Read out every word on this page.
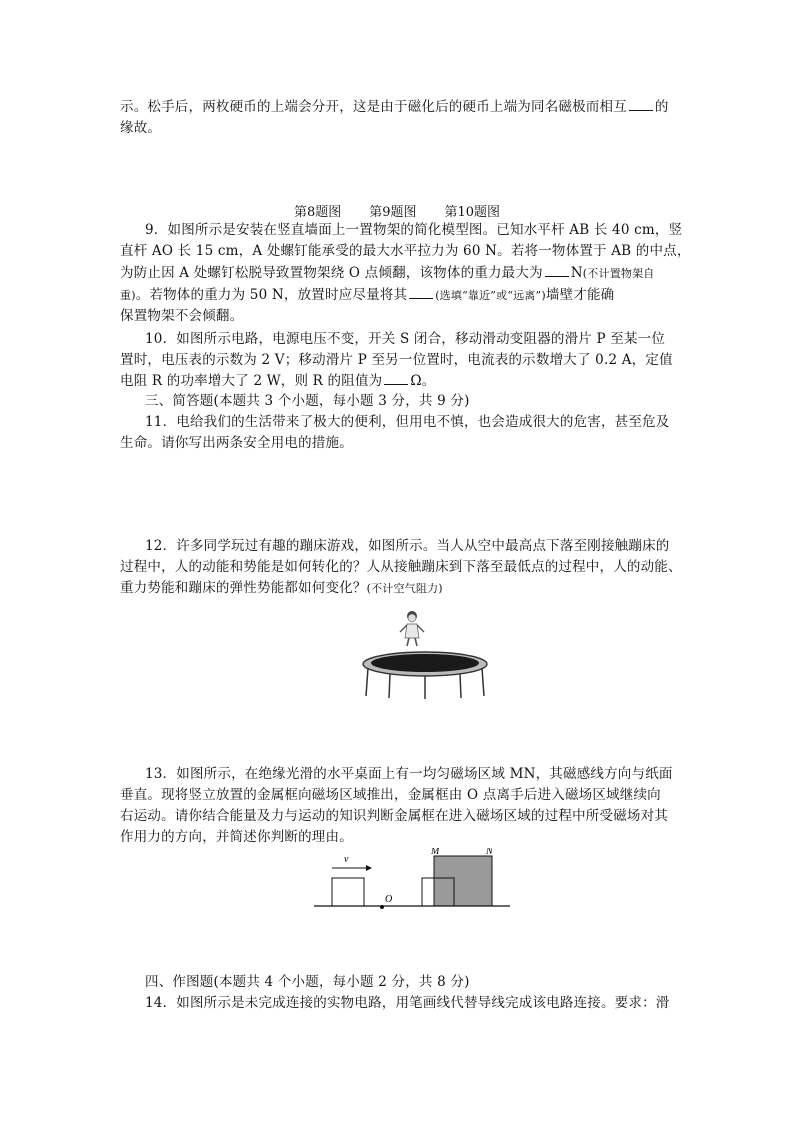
示。松手后，两枚硬币的上端会分开，这是由于磁化后的硬币上端为同名磁极而相互 的
缘故。
第8题图 第9题图 第10题图
9．如图所示是安装在竖直墙面上一置物架的简化模型图。已知水平杆 AB 长 40 cm，竖
直杆 AO 长 15 cm，A 处螺钉能承受的最大水平拉力为 60 N。若将一物体置于 AB 的中点，
为防止因 A 处螺钉松脱导致置物架绕 O 点倾翻，该物体的重力最大为 N(不计置物架自
重)。若物体的重力为 50 N，放置时应尽量将其	(选填“靠近”或“远离”)墙壁才能确
保置物架不会倾翻。
10．如图所示电路，电源电压不变，开关 S 闭合，移动滑动变阻器的滑片 P 至某一位
置时，电压表的示数为 2 V；移动滑片 P 至另一位置时，电流表的示数增大了 0.2 A，定值
电阻 R 的功率增大了 2 W，则 R 的阻值为 Ω。
三、简答题(本题共 3 个小题，每小题 3 分，共 9 分)
11．电给我们的生活带来了极大的便利，但用电不慎，也会造成很大的危害，甚至危及
生命。请你写出两条安全用电的措施。
12．许多同学玩过有趣的蹦床游戏，如图所示。当人从空中最高点下落至刚接触蹦床的
过程中，人的动能和势能是如何转化的？人从接触蹦床到下落至最低点的过程中，人的动能、
重力势能和蹦床的弹性势能都如何变化？(不计空气阻力)
13．如图所示，在绝缘光滑的水平桌面上有一均匀磁场区域 MN，其磁感线方向与纸面
垂直。现将竖立放置的金属框向磁场区域推出，金属框由 O 点离手后进入磁场区域继续向
右运动。请你结合能量及力与运动的知识判断金属框在进入磁场区域的过程中所受磁场对其
作用力的方向，并简述你判断的理由。
v
O
M	N
四、作图题(本题共 4 个小题，每小题 2 分，共 8 分)
14．如图所示是未完成连接的实物电路，用笔画线代替导线完成该电路连接。要求：滑
